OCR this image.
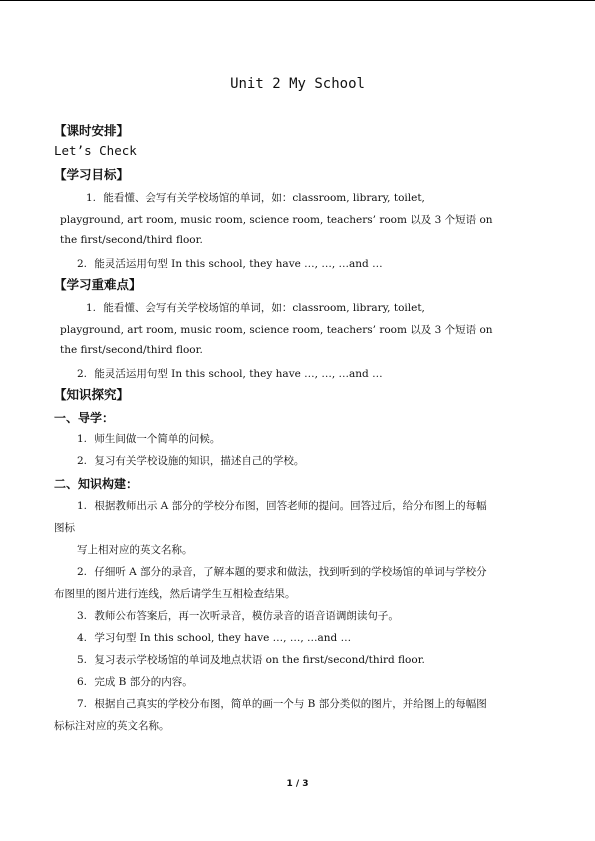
Unit 2 My School
【课时安排】
Let’s Check
【学习目标】
1. 能看懂、会写有关学校场馆的单词，如：classroom, library, toilet,
playground, art room, music room, science room, teachers’ room 以及 3 个短语 on
the first/second/third floor.
2. 能灵活运用句型 In this school, they have …, …, …and …
【学习重难点】
1. 能看懂、会写有关学校场馆的单词，如：classroom, library, toilet,
playground, art room, music room, science room, teachers’ room 以及 3 个短语 on
the first/second/third floor.
2. 能灵活运用句型 In this school, they have …, …, …and …
【知识探究】
一、导学：
1. 师生间做一个简单的问候。
2. 复习有关学校设施的知识，描述自己的学校。
二、知识构建：
1. 根据教师出示 A 部分的学校分布图，回答老师的提问。回答过后，给分布图上的每幅
图标
写上相对应的英文名称。
2. 仔细听 A 部分的录音，了解本题的要求和做法，找到听到的学校场馆的单词与学校分
布图里的图片进行连线，然后请学生互相检查结果。
3. 教师公布答案后，再一次听录音，模仿录音的语音语调朗读句子。
4. 学习句型 In this school, they have …, …, …and …
5. 复习表示学校场馆的单词及地点状语 on the first/second/third floor.
6. 完成 B 部分的内容。
7. 根据自己真实的学校分布图，简单的画一个与 B 部分类似的图片，并给图上的每幅图
标标注对应的英文名称。
1 / 3
